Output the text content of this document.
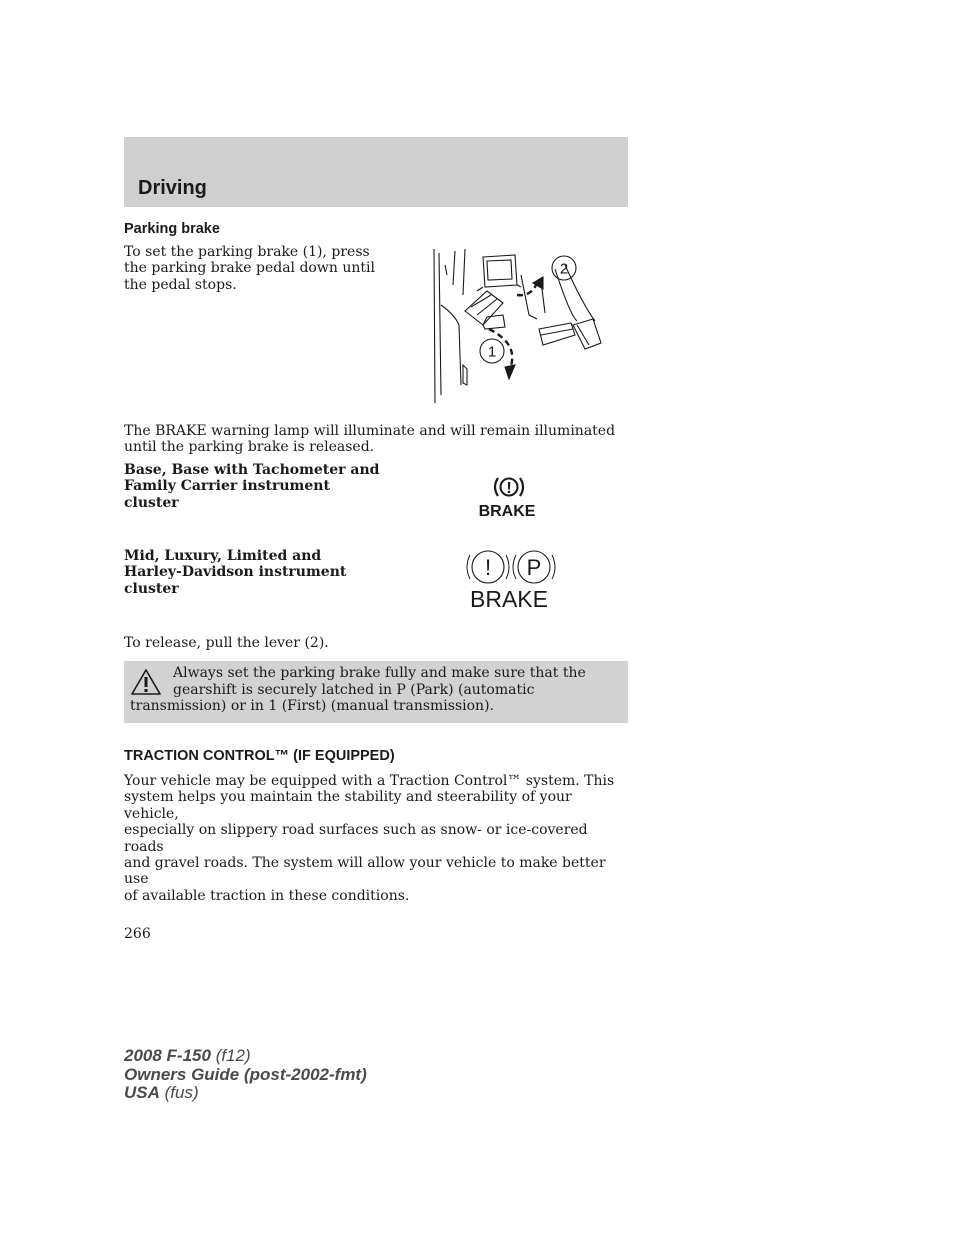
Driving
Parking brake
To set the parking brake (1), press
the parking brake pedal down until
the pedal stops.
2
1
The BRAKE warning lamp will illuminate and will remain illuminated
until the parking brake is released.
Base, Base with Tachometer and
Family Carrier instrument
cluster
!
BRAKE
Mid, Luxury, Limited and
Harley-Davidson instrument
cluster
! P
BRAKE
To release, pull the lever (2).
Always set the parking brake fully and make sure that the
gearshift is securely latched in P (Park) (automatic
transmission) or in 1 (First) (manual transmission).
TRACTION CONTROL™ (IF EQUIPPED)
Your vehicle may be equipped with a Traction Control™ system. This
system helps you maintain the stability and steerability of your vehicle,
especially on slippery road surfaces such as snow- or ice-covered roads
and gravel roads. The system will allow your vehicle to make better use
of available traction in these conditions.
266
2008 F-150 (f12)
Owners Guide (post-2002-fmt)
USA (fus)
